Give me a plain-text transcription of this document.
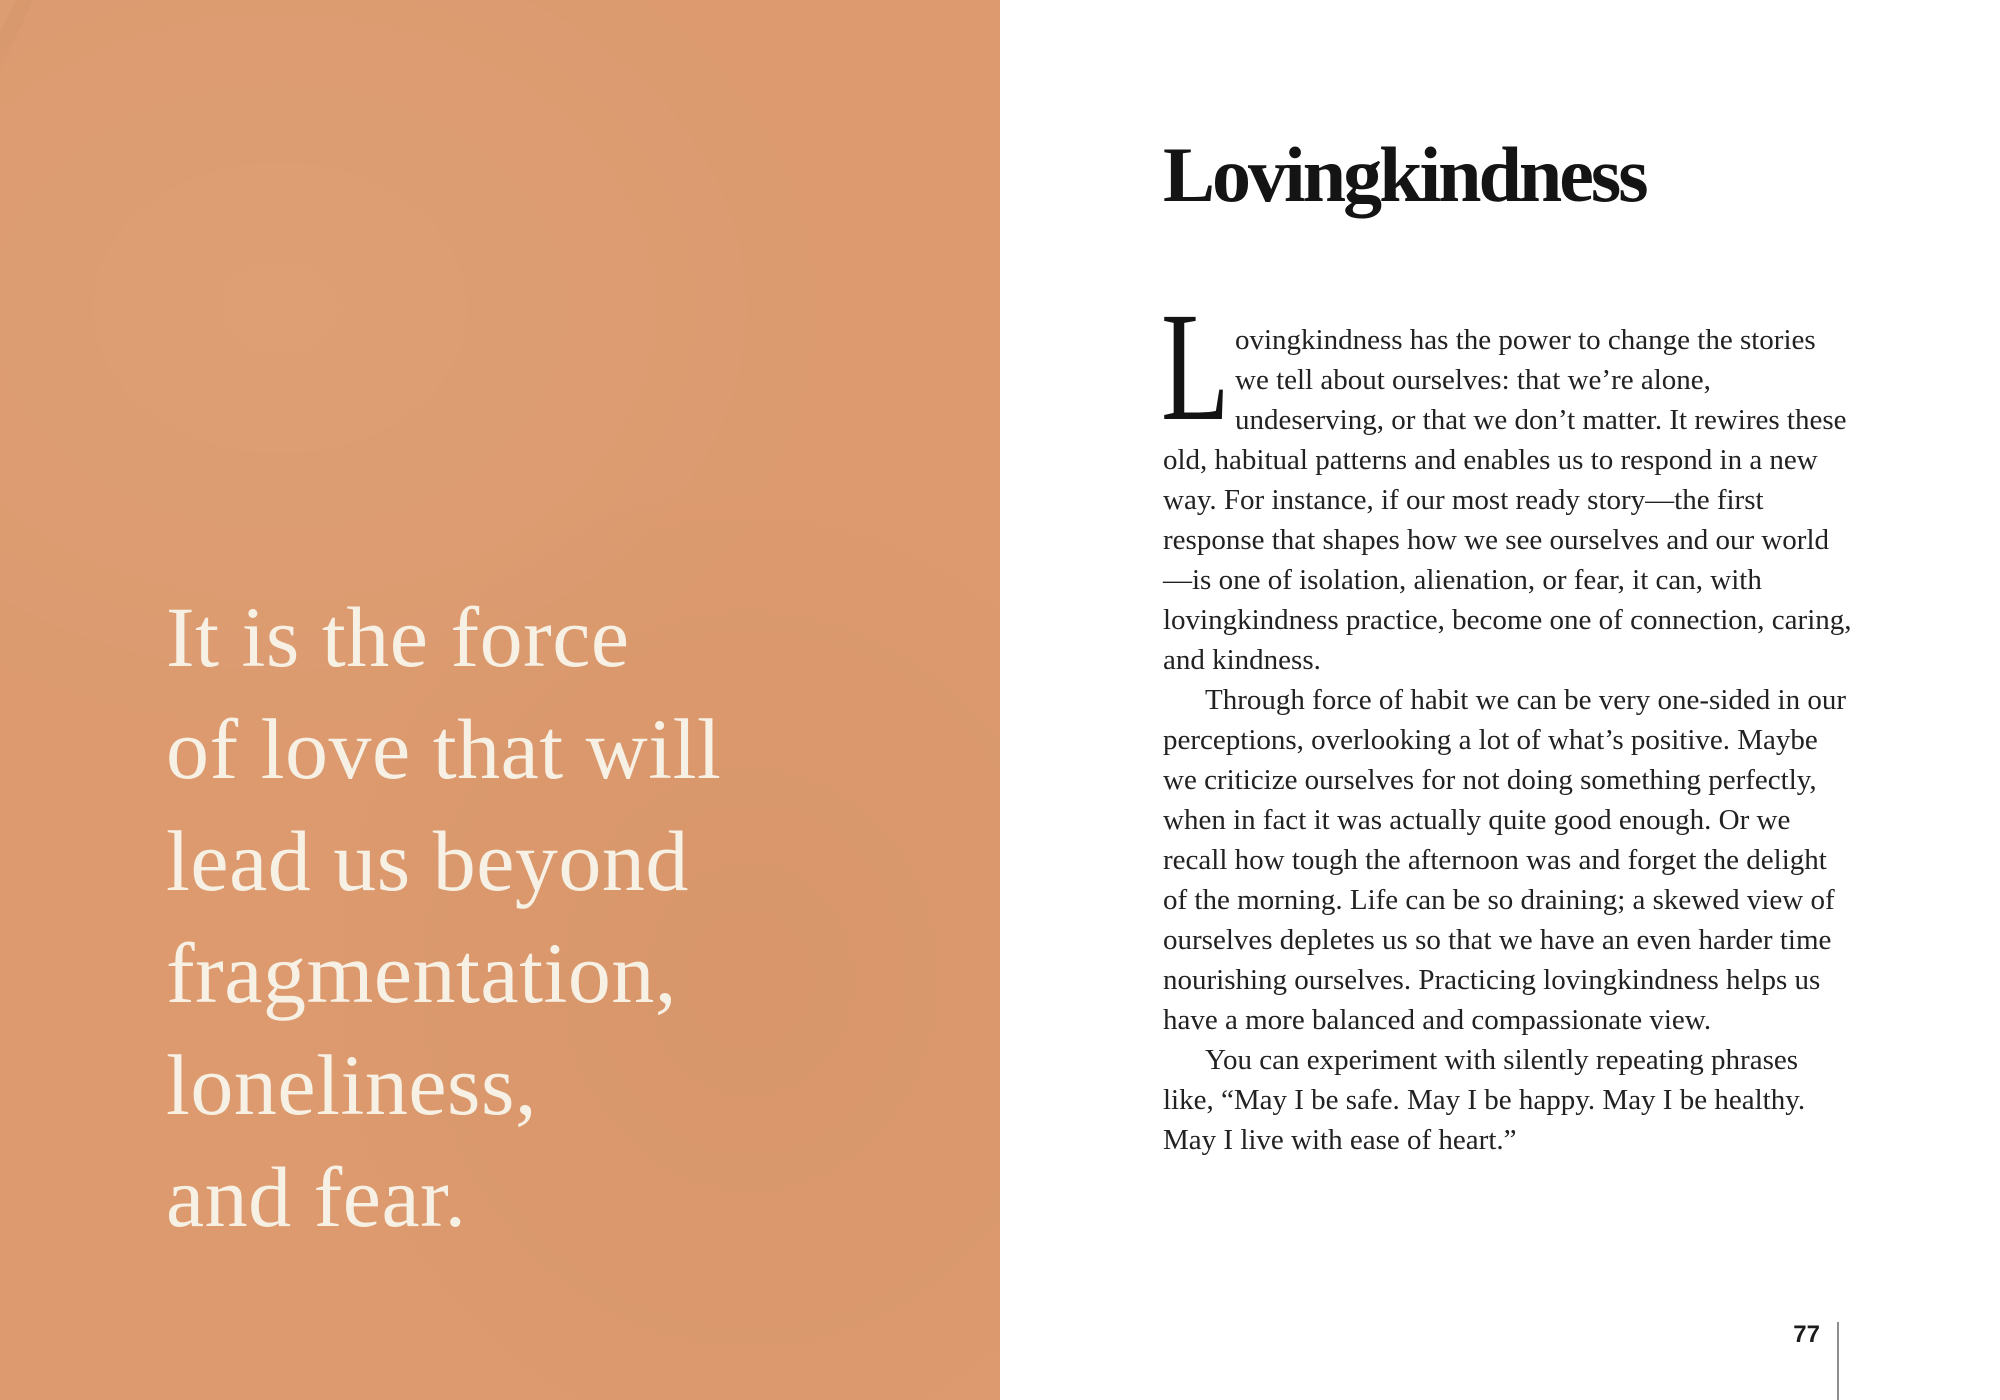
It is the force
of love that will
lead us beyond
fragmentation,
loneliness,
and fear.
Lovingkindness

L ovingkindness has the power to change the stories we tell about ourselves: that we’re alone, undeserving, or that we don’t matter. It rewires these old, habitual patterns and enables us to respond in a new way. For instance, if our most ready story—the first response that shapes how we see ourselves and our world—is one of isolation, alienation, or fear, it can, with lovingkindness practice, become one of connection, caring, and kindness.

Through force of habit we can be very one-sided in our perceptions, overlooking a lot of what’s positive. Maybe we criticize ourselves for not doing something perfectly, when in fact it was actually quite good enough. Or we recall how tough the afternoon was and forget the delight of the morning. Life can be so draining; a skewed view of ourselves depletes us so that we have an even harder time nourishing ourselves. Practicing lovingkindness helps us have a more balanced and compassionate view.

You can experiment with silently repeating phrases like, “May I be safe. May I be happy. May I be healthy. May I live with ease of heart.”

77
